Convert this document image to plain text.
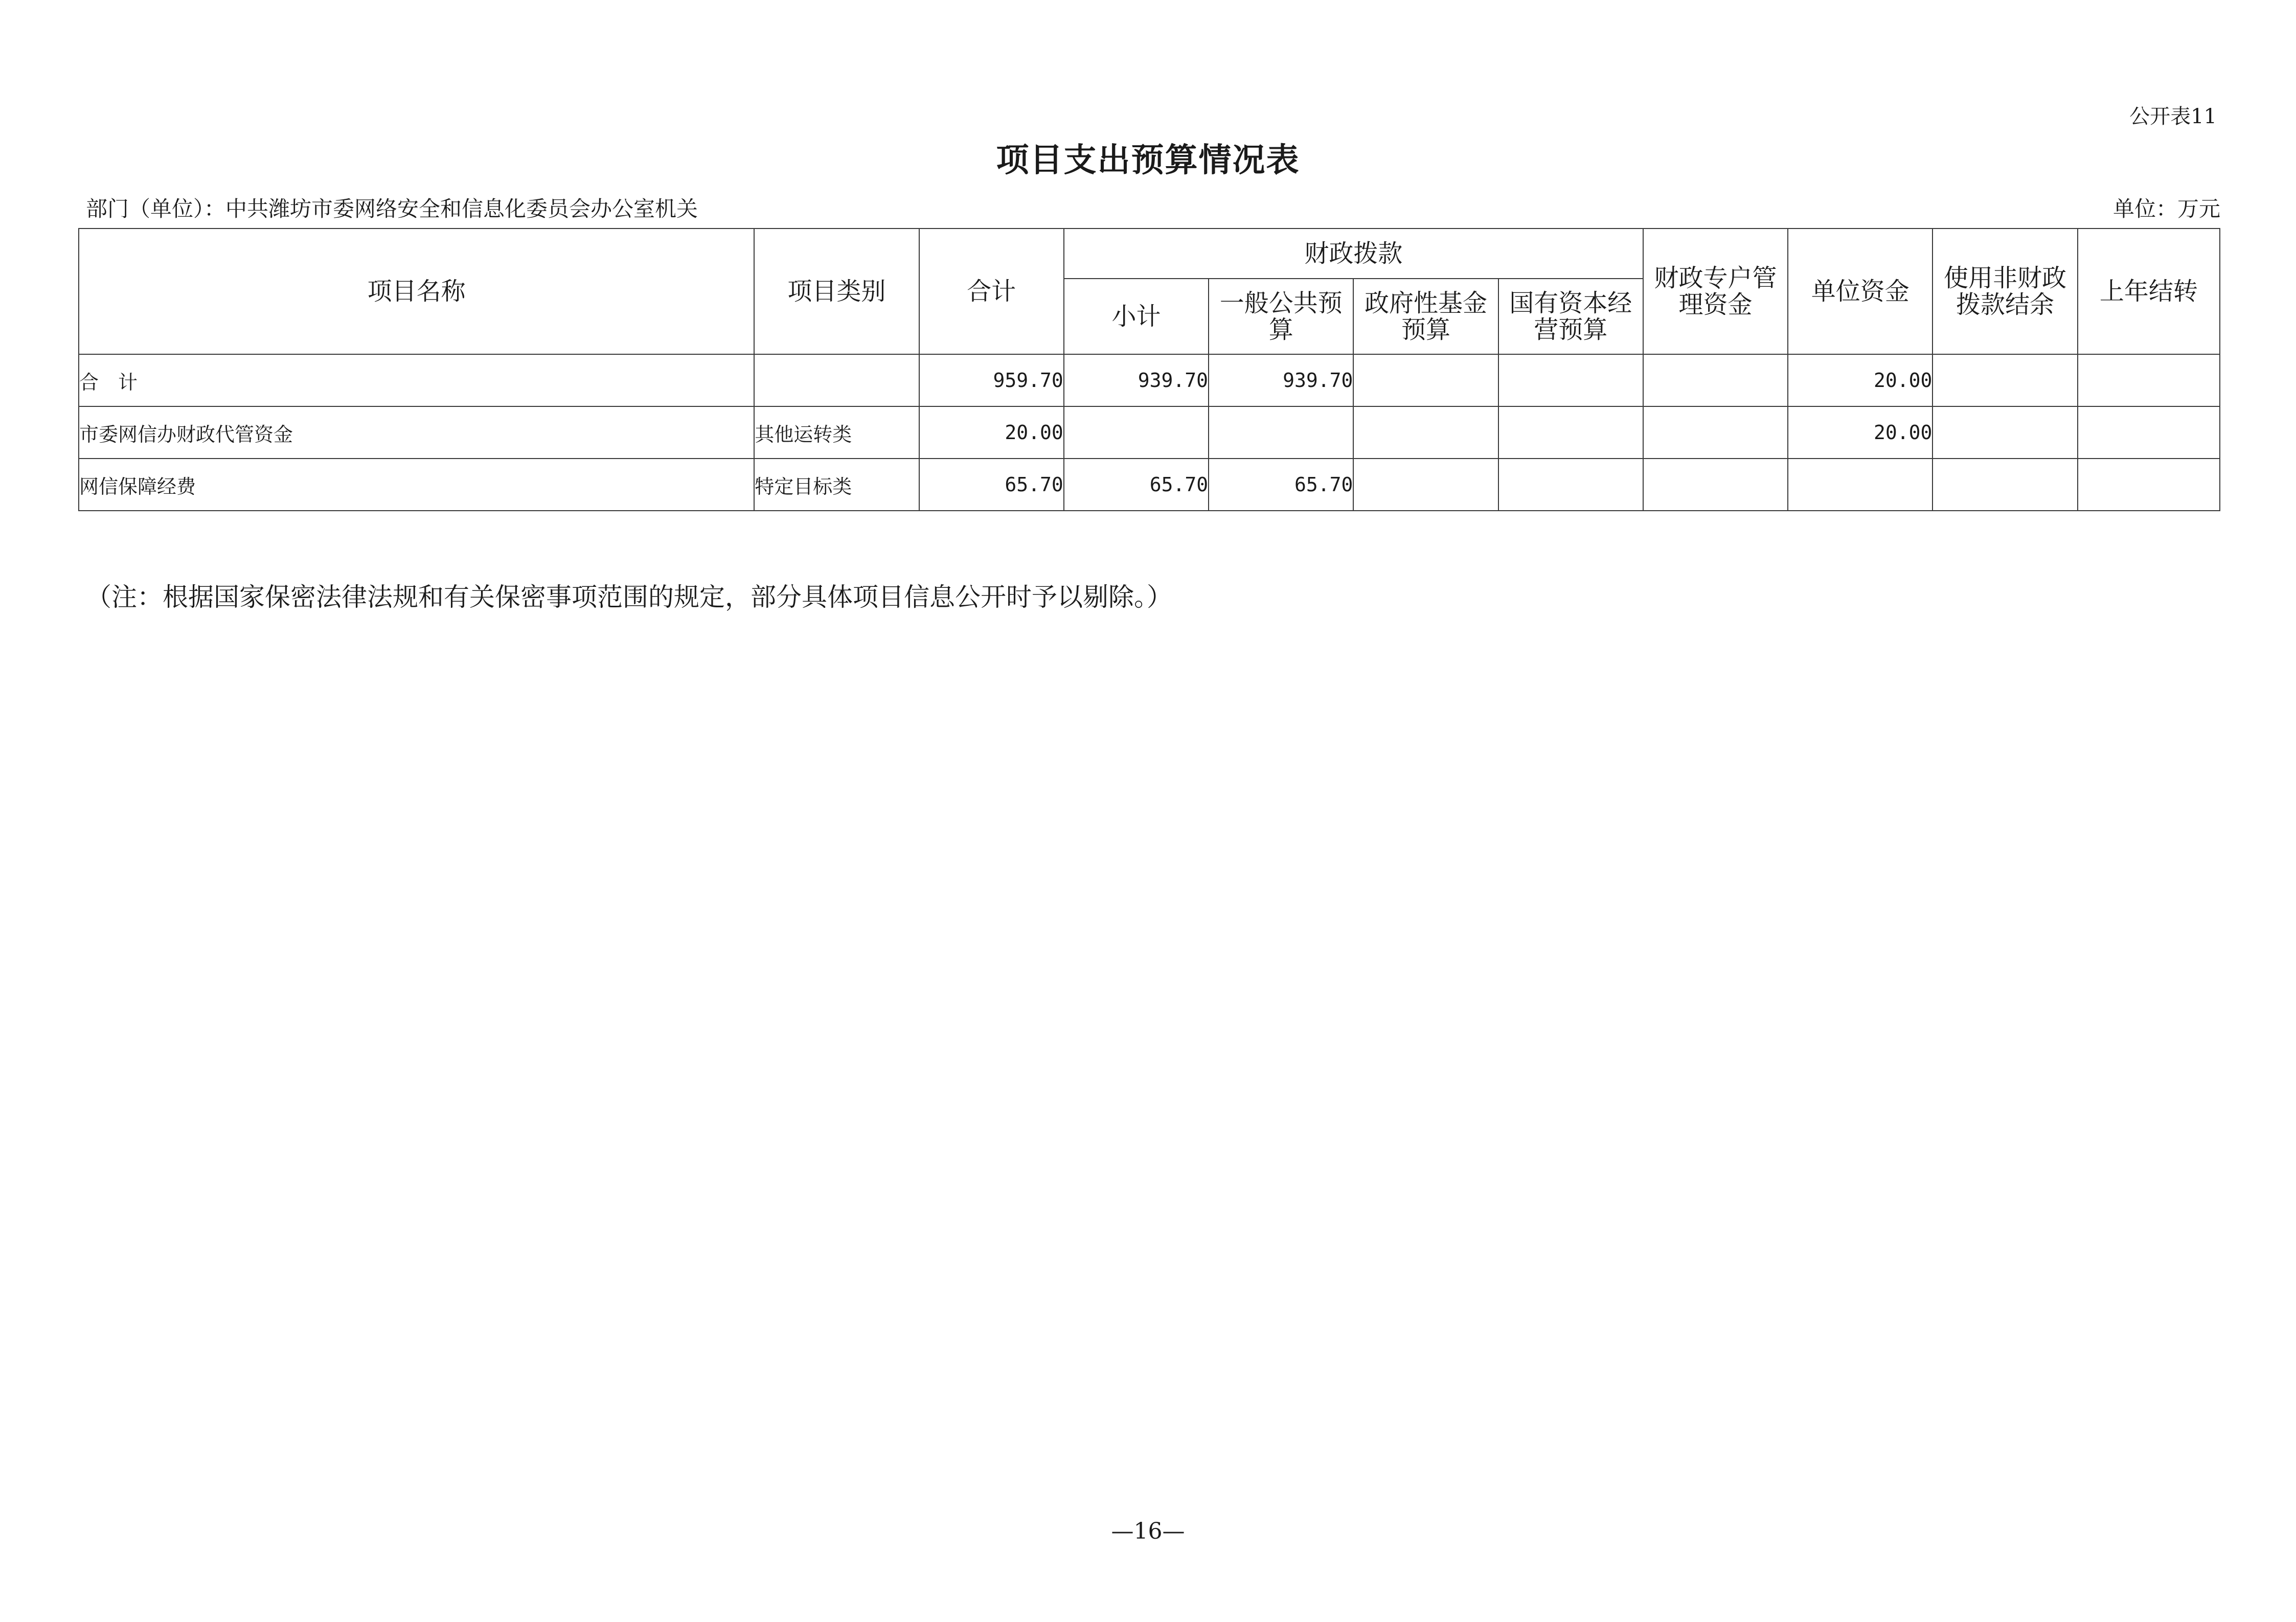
公开表11
项目支出预算情况表
部门（单位）：中共潍坊市委网络安全和信息化委员会办公室机关	单位：万元
项目名称	项目类别	合计	财政拨款				财政专户管理资金	单位资金	使用非财政拨款结余	上年结转
			小计	一般公共预算	政府性基金预算	国有资本经营预算				
合　计		959.70	939.70	939.70				20.00		
市委网信办财政代管资金	其他运转类	20.00						20.00		
网信保障经费	特定目标类	65.70	65.70	65.70						
（注：根据国家保密法律法规和有关保密事项范围的规定，部分具体项目信息公开时予以剔除。）
—16—
